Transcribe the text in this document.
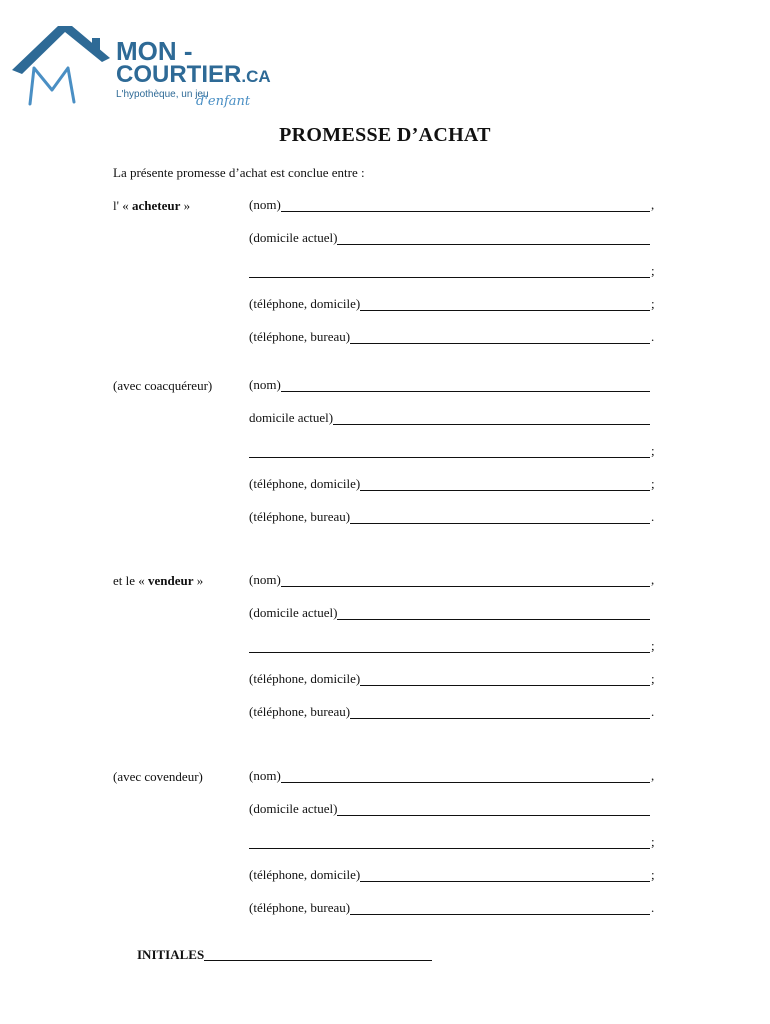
MON -
COURTIER.CA
L'hypothèque, un jeu
d'enfant
PROMESSE D’ACHAT
La présente promesse d’achat est conclue entre :
l' « acheteur »	(nom)	,
(domicile actuel)
;
(téléphone, domicile)	;
(téléphone, bureau)	.
(avec coacquéreur)	(nom)
domicile actuel)
;
(téléphone, domicile)	;
(téléphone, bureau)	.
et le « vendeur »	(nom)	,
(domicile actuel)
;
(téléphone, domicile)	;
(téléphone, bureau)	.
(avec covendeur)	(nom)	,
(domicile actuel)
;
(téléphone, domicile)	;
(téléphone, bureau)	.
INITIALES
